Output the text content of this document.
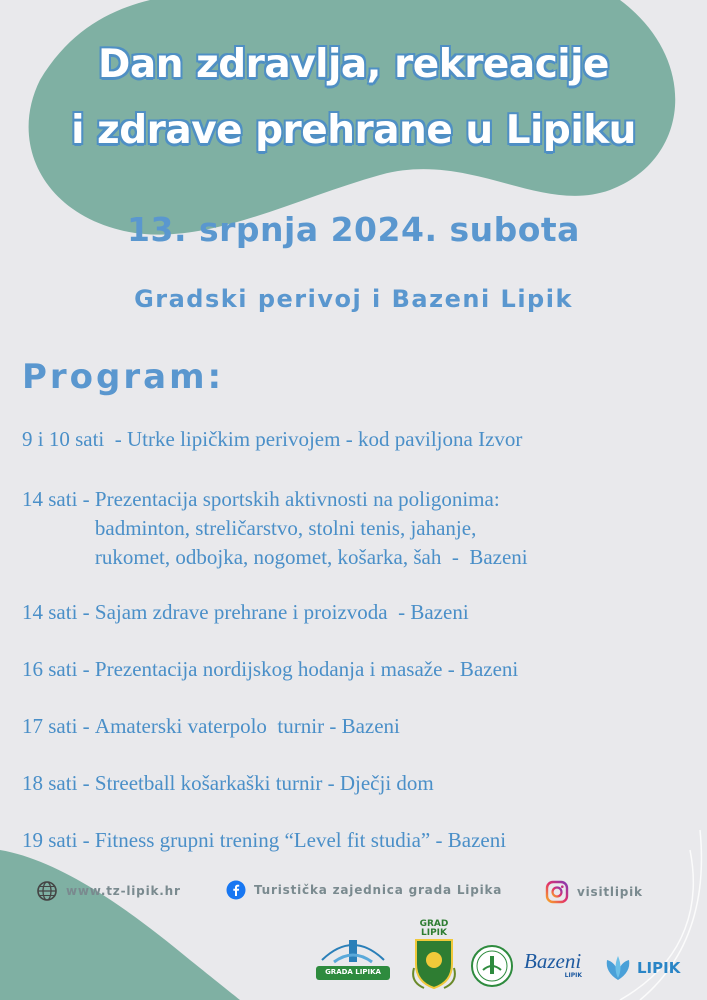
Dan zdravlja, rekreacije
i zdrave prehrane u Lipiku
13. srpnja 2024. subota
Gradski perivoj i Bazeni Lipik
Program:
9 i 10 sati  - Utrke lipičkim perivojem - kod paviljona Izvor
14 sati - Prezentacija sportskih aktivnosti na poligonima:
badminton, streličarstvo, stolni tenis, jahanje,
rukomet, odbojka, nogomet, košarka, šah  -  Bazeni
14 sati - Sajam zdrave prehrane i proizvoda  - Bazeni
16 sati - Prezentacija nordijskog hodanja i masaže - Bazeni
17 sati - Amaterski vaterpolo  turnir - Bazeni
18 sati - Streetball košarkaški turnir - Dječji dom
19 sati - Fitness grupni trening “Level fit studia” - Bazeni
www.tz-lipik.hr	Turistička zajednica grada Lipika	visitlipik
GRADA LIPIKA
GRAD LIPIK
Bazeni
LIPIK	LIPIK
